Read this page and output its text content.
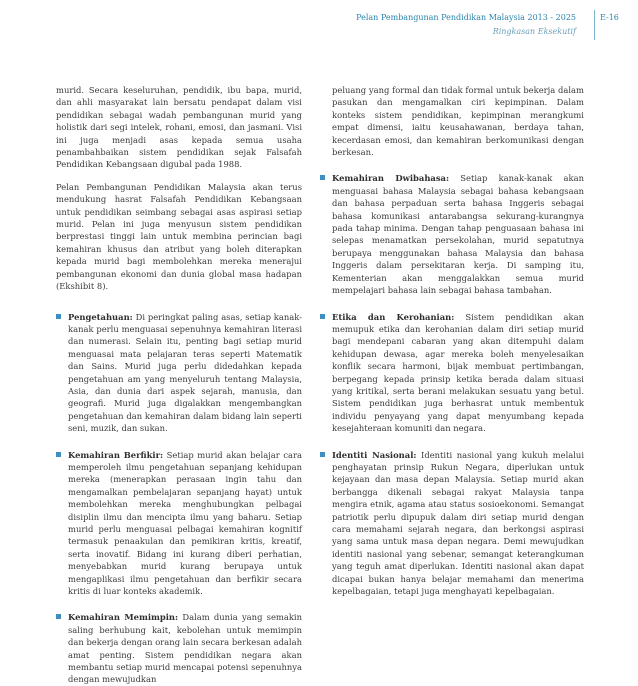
Pelan Pembangunan Pendidikan Malaysia 2013 - 2025
Ringkasan Eksekutif
E-16

murid. Secara keseluruhan, pendidik, ibu bapa, murid, dan ahli masyarakat lain bersatu pendapat dalam visi pendidikan sebagai wadah pembangunan murid yang holistik dari segi intelek, rohani, emosi, dan jasmani. Visi ini juga menjadi asas kepada semua usaha penambahbaikan sistem pendidikan sejak Falsafah Pendidikan Kebangsaan digubal pada 1988.

Pelan Pembangunan Pendidikan Malaysia akan terus mendukung hasrat Falsafah Pendidikan Kebangsaan untuk pendidikan seimbang sebagai asas aspirasi setiap murid. Pelan ini juga menyusun sistem pendidikan berprestasi tinggi lain untuk membina perincian bagi kemahiran khusus dan atribut yang boleh diterapkan kepada murid bagi membolehkan mereka menerajui pembangunan ekonomi dan dunia global masa hadapan (Ekshibit 8).

Pengetahuan: Di peringkat paling asas, setiap kanak-kanak perlu menguasai sepenuhnya kemahiran literasi dan numerasi. Selain itu, penting bagi setiap murid menguasai mata pelajaran teras seperti Matematik dan Sains. Murid juga perlu didedahkan kepada pengetahuan am yang menyeluruh tentang Malaysia, Asia, dan dunia dari aspek sejarah, manusia, dan geografi. Murid juga digalakkan mengembangkan pengetahuan dan kemahiran dalam bidang lain seperti seni, muzik, dan sukan.
Kemahiran Berfikir: Setiap murid akan belajar cara memperoleh ilmu pengetahuan sepanjang kehidupan mereka (menerapkan perasaan ingin tahu dan mengamalkan pembelajaran sepanjang hayat) untuk membolehkan mereka menghubungkan pelbagai disiplin ilmu dan mencipta ilmu yang baharu. Setiap murid perlu menguasai pelbagai kemahiran kognitif termasuk penaakulan dan pemikiran kritis, kreatif, serta inovatif. Bidang ini kurang diberi perhatian, menyebabkan murid kurang berupaya untuk mengaplikasi ilmu pengetahuan dan berfikir secara kritis di luar konteks akademik.
Kemahiran Memimpin: Dalam dunia yang semakin saling berhubung kait, kebolehan untuk memimpin dan bekerja dengan orang lain secara berkesan adalah amat penting. Sistem pendidikan negara akan membantu setiap murid mencapai potensi sepenuhnya dengan mewujudkan
peluang yang formal dan tidak formal untuk bekerja dalam pasukan dan mengamalkan ciri kepimpinan. Dalam konteks sistem pendidikan, kepimpinan merangkumi empat dimensi, iaitu keusahawanan, berdaya tahan, kecerdasan emosi, dan kemahiran berkomunikasi dengan berkesan.
Kemahiran Dwibahasa: Setiap kanak-kanak akan menguasai bahasa Malaysia sebagai bahasa kebangsaan dan bahasa perpaduan serta bahasa Inggeris sebagai bahasa komunikasi antarabangsa sekurang-kurangnya pada tahap minima. Dengan tahap penguasaan bahasa ini selepas menamatkan persekolahan, murid sepatutnya berupaya menggunakan bahasa Malaysia dan bahasa Inggeris dalam persekitaran kerja. Di samping itu, Kementerian akan menggalakkan semua murid mempelajari bahasa lain sebagai bahasa tambahan.
Etika dan Kerohanian: Sistem pendidikan akan memupuk etika dan kerohanian dalam diri setiap murid bagi mendepani cabaran yang akan ditempuhi dalam kehidupan dewasa, agar mereka boleh menyelesaikan konflik secara harmoni, bijak membuat pertimbangan, berpegang kepada prinsip ketika berada dalam situasi yang kritikal, serta berani melakukan sesuatu yang betul. Sistem pendidikan juga berhasrat untuk membentuk individu penyayang yang dapat menyumbang kepada kesejahteraan komuniti dan negara.
Identiti Nasional: Identiti nasional yang kukuh melalui penghayatan prinsip Rukun Negara, diperlukan untuk kejayaan dan masa depan Malaysia. Setiap murid akan berbangga dikenali sebagai rakyat Malaysia tanpa mengira etnik, agama atau status sosioekonomi. Semangat patriotik perlu dipupuk dalam diri setiap murid dengan cara memahami sejarah negara, dan berkongsi aspirasi yang sama untuk masa depan negara. Demi mewujudkan identiti nasional yang sebenar, semangat keterangkuman yang teguh amat diperlukan. Identiti nasional akan dapat dicapai bukan hanya belajar memahami dan menerima kepelbagaian, tetapi juga menghayati kepelbagaian.
